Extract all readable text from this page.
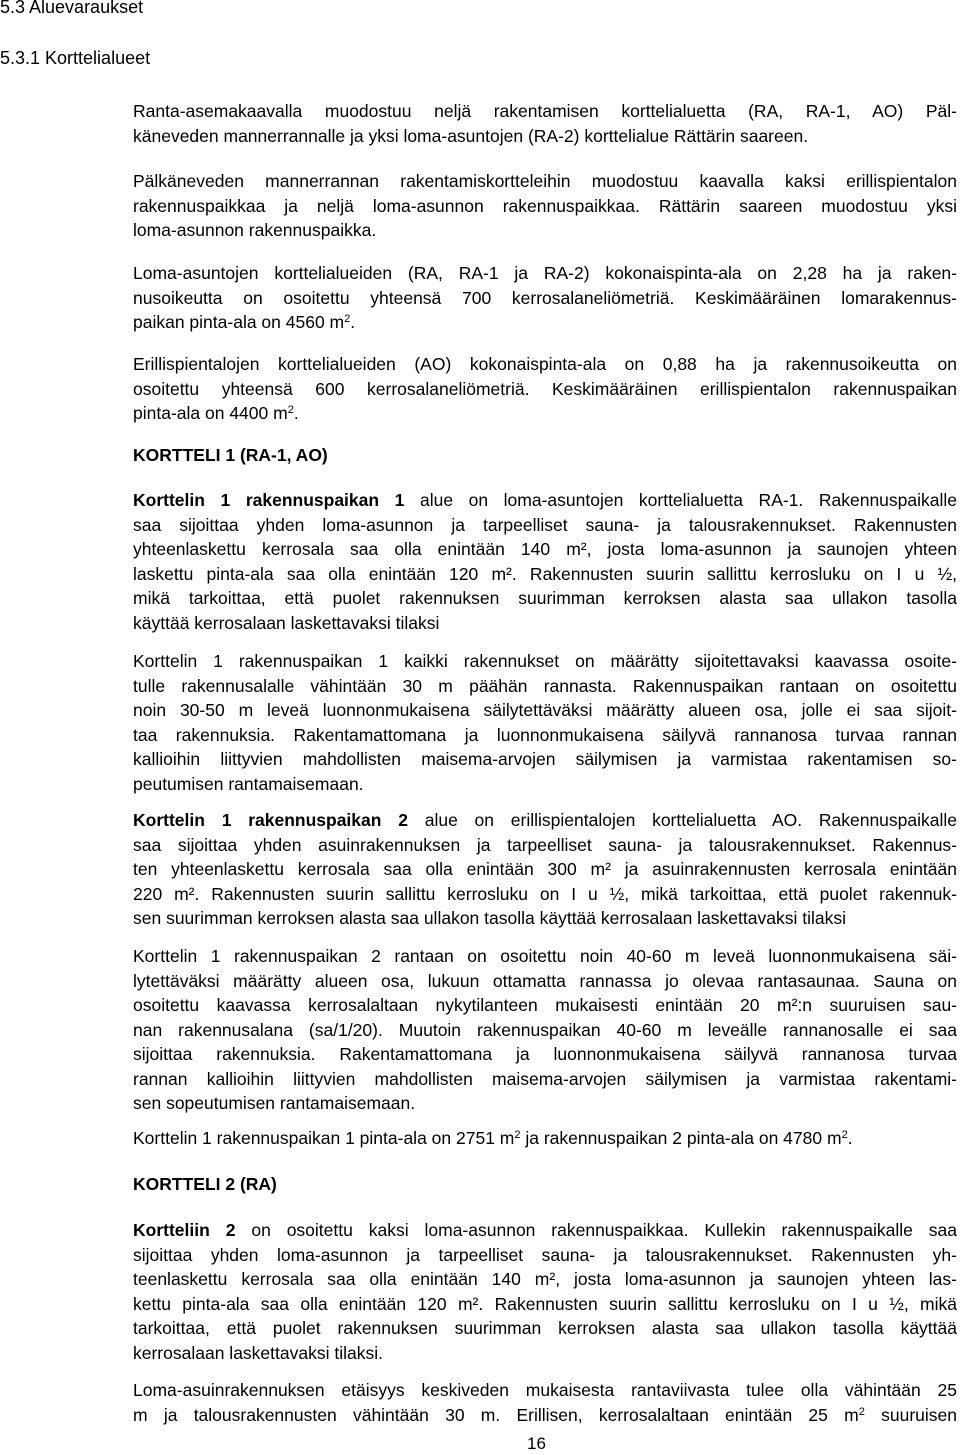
5.3 Aluevaraukset
5.3.1 Korttelialueet

Ranta-asemakaavalla muodostuu neljä rakentamisen korttelialuetta (RA, RA-1, AO) Päl-
käneveden mannerrannalle ja yksi loma-asuntojen (RA-2) korttelialue Rättärin saareen.

Pälkäneveden mannerrannan rakentamiskortteleihin muodostuu kaavalla kaksi erillispientalon
rakennuspaikkaa ja neljä loma-asunnon rakennuspaikkaa. Rättärin saareen muodostuu yksi
loma-asunnon rakennuspaikka.

Loma-asuntojen korttelialueiden (RA, RA-1 ja RA-2) kokonaispinta-ala on 2,28 ha ja raken-
nusoikeutta on osoitettu yhteensä 700 kerrosalaneliömetriä. Keskimääräinen lomarakennus-
paikan pinta-ala on 4560 $m^2$.

Erillispientalojen korttelialueiden (AO) kokonaispinta-ala on 0,88 ha ja rakennusoikeutta on
osoitettu yhteensä 600 kerrosalaneliömetriä. Keskimääräinen erillispientalon rakennuspaikan
pinta-ala on 4400 $m^2$.

KORTTELI 1 (RA-1, AO)

Korttelin 1 rakennuspaikan 1 alue on loma-asuntojen korttelialuetta RA-1. Rakennuspaikalle
saa sijoittaa yhden loma-asunnon ja tarpeelliset sauna- ja talousrakennukset. Rakennusten
yhteenlaskettu kerrosala saa olla enintään 140 m², josta loma-asunnon ja saunojen yhteen
laskettu pinta-ala saa olla enintään 120 m². Rakennusten suurin sallittu kerrosluku on I u ½,
mikä tarkoittaa, että puolet rakennuksen suurimman kerroksen alasta saa ullakon tasolla
käyttää kerrosalaan laskettavaksi tilaksi

Korttelin 1 rakennuspaikan 1 kaikki rakennukset on määrätty sijoitettavaksi kaavassa osoite-
tulle rakennusalalle vähintään 30 m päähän rannasta. Rakennuspaikan rantaan on osoitettu
noin 30-50 m leveä luonnonmukaisena säilytettäväksi määrätty alueen osa, jolle ei saa sijoit-
taa rakennuksia. Rakentamattomana ja luonnonmukaisena säilyvä rannanosa turvaa rannan
kallioihin liittyvien mahdollisten maisema-arvojen säilymisen ja varmistaa rakentamisen so-
peutumisen rantamaisemaan.

Korttelin 1 rakennuspaikan 2 alue on erillispientalojen korttelialuetta AO. Rakennuspaikalle
saa sijoittaa yhden asuinrakennuksen ja tarpeelliset sauna- ja talousrakennukset. Rakennus-
ten yhteenlaskettu kerrosala saa olla enintään 300 m² ja asuinrakennusten kerrosala enintään
220 m². Rakennusten suurin sallittu kerrosluku on I u ½, mikä tarkoittaa, että puolet rakennuk-
sen suurimman kerroksen alasta saa ullakon tasolla käyttää kerrosalaan laskettavaksi tilaksi

Korttelin 1 rakennuspaikan 2 rantaan on osoitettu noin 40-60 m leveä luonnonmukaisena säi-
lytettäväksi määrätty alueen osa, lukuun ottamatta rannassa jo olevaa rantasaunaa. Sauna on
osoitettu kaavassa kerrosalaltaan nykytilanteen mukaisesti enintään 20 m²:n suuruisen sau-
nan rakennusalana (sa/1/20). Muutoin rakennuspaikan 40-60 m leveälle rannanosalle ei saa
sijoittaa rakennuksia. Rakentamattomana ja luonnonmukaisena säilyvä rannanosa turvaa
rannan kallioihin liittyvien mahdollisten maisema-arvojen säilymisen ja varmistaa rakentami-
sen sopeutumisen rantamaisemaan.

Korttelin 1 rakennuspaikan 1 pinta-ala on 2751 $m^2$ ja rakennuspaikan 2 pinta-ala on 4780 $m^2$.

KORTTELI 2 (RA)

Kortteliin 2 on osoitettu kaksi loma-asunnon rakennuspaikkaa. Kullekin rakennuspaikalle saa
sijoittaa yhden loma-asunnon ja tarpeelliset sauna- ja talousrakennukset. Rakennusten yh-
teenlaskettu kerrosala saa olla enintään 140 m², josta loma-asunnon ja saunojen yhteen las-
kettu pinta-ala saa olla enintään 120 m². Rakennusten suurin sallittu kerrosluku on I u ½, mikä
tarkoittaa, että puolet rakennuksen suurimman kerroksen alasta saa ullakon tasolla käyttää
kerrosalaan laskettavaksi tilaksi.

Loma-asuinrakennuksen etäisyys keskiveden mukaisesta rantaviivasta tulee olla vähintään 25
m ja talousrakennusten vähintään 30 m. Erillisen, kerrosalaltaan enintään 25 $m^2$ suuruisen

16
